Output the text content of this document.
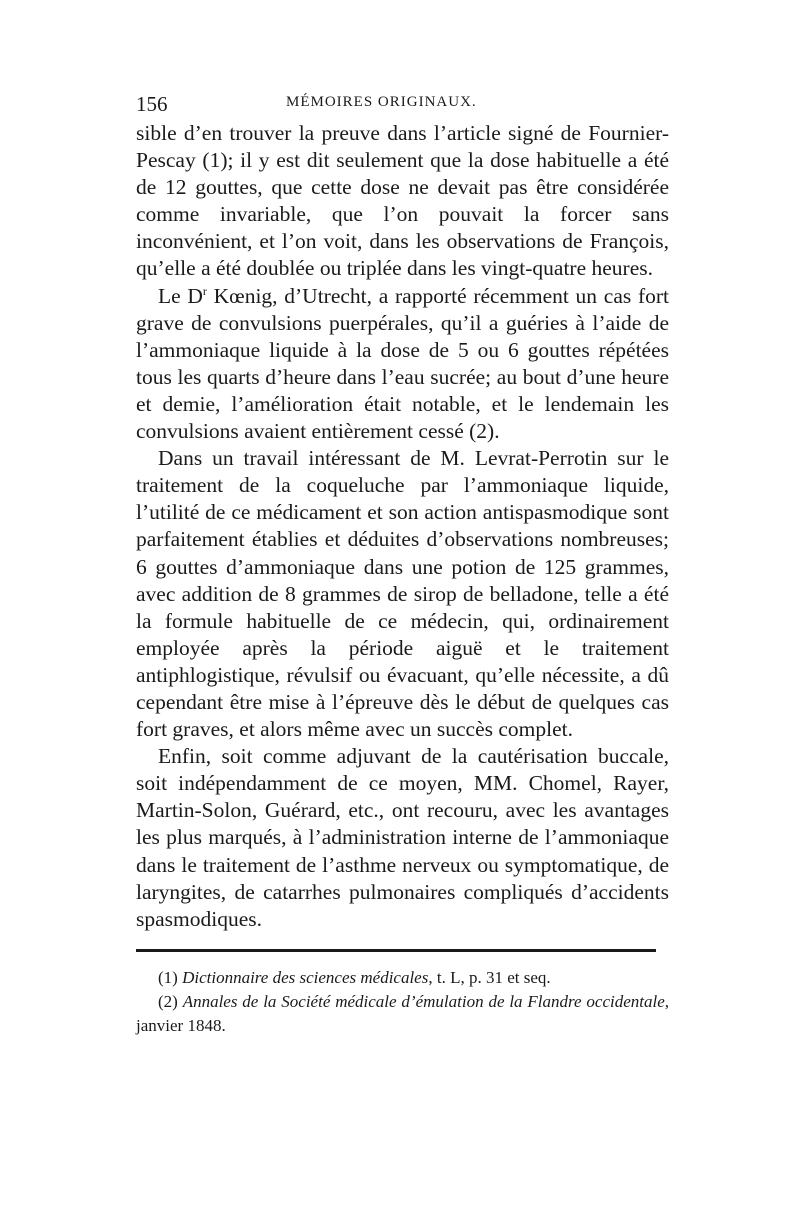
156	MÉMOIRES ORIGINAUX.

sible d’en trouver la preuve dans l’article signé de Fournier-Pescay (1); il y est dit seulement que la dose habituelle a été de 12 gouttes, que cette dose ne devait pas être considérée comme invariable, que l’on pouvait la forcer sans inconvénient, et l’on voit, dans les observations de François, qu’elle a été doublée ou triplée dans les vingt-quatre heures.

Le $D^r$ Kœnig, d’Utrecht, a rapporté récemment un cas fort grave de convulsions puerpérales, qu’il a guéries à l’aide de l’ammoniaque liquide à la dose de 5 ou 6 gouttes répétées tous les quarts d’heure dans l’eau sucrée; au bout d’une heure et demie, l’amélioration était notable, et le lendemain les convulsions avaient entièrement cessé (2).

Dans un travail intéressant de M. Levrat-Perrotin sur le traitement de la coqueluche par l’ammoniaque liquide, l’utilité de ce médicament et son action antispasmodique sont parfaitement établies et déduites d’observations nombreuses; 6 gouttes d’ammoniaque dans une potion de 125 grammes, avec addition de 8 grammes de sirop de belladone, telle a été la formule habituelle de ce médecin, qui, ordinairement employée après la période aiguë et le traitement antiphlogistique, révulsif ou évacuant, qu’elle nécessite, a dû cependant être mise à l’épreuve dès le début de quelques cas fort graves, et alors même avec un succès complet.

Enfin, soit comme adjuvant de la cautérisation buccale, soit indépendamment de ce moyen, MM. Chomel, Rayer, Martin-Solon, Guérard, etc., ont recouru, avec les avantages les plus marqués, à l’administration interne de l’ammoniaque dans le traitement de l’asthme nerveux ou symptomatique, de laryngites, de catarrhes pulmonaires compliqués d’accidents spasmodiques.

(1) Dictionnaire des sciences médicales, t. L, p. 31 et seq.

(2) Annales de la Société médicale d’émulation de la Flandre occidentale, janvier 1848.
